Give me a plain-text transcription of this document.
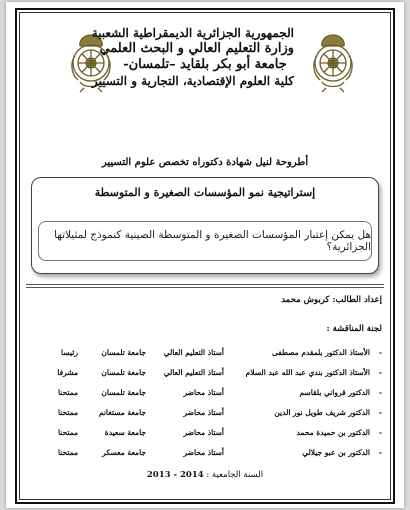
الجمهورية الجزائرية الديمقراطية الشعبية
وزارة التعليم العالي و البحث العلمي
جامعة أبو بكر بلقايد –تلمسان-
كلية العلوم الإقتصادية، التجارية و التسيير
أطروحة لنيل شهادة دكتوراه تخصص علوم التسيير
إستراتيجية نمو المؤسسات الصغيرة و المتوسطة
هل يمكن إعتبار المؤسسات الصغيرة و المتوسطة الصينية كنموذج لمثيلاتها الجزائرية؟
إعداد الطالب: كربوش محمد
لجنة المناقشة :
-
الأستاذ الدكتور بلمقدم مصطفى
أستاذ التعليم العالي
جامعة تلمسان
رئيسا
-
الأستاذ الدكتور بندي عبد الله عبد السلام
أستاذ التعليم العالي
جامعة تلمسان
مشرفا
-
الدكتور قرواني بلقاسم
أستاذ محاضر
جامعة تلمسان
ممتحنا
-
الدكتور شريف طويل نور الدين
أستاذ محاضر
جامعة مستغانم
ممتحنا
-
الدكتور بن حميدة محمد
أستاذ محاضر
جامعة سعيدة
ممتحنا
-
الدكتور بن عبو جيلالي
أستاذ محاضر
جامعة معسكر
ممتحنا
السنة الجامعية : 2013 - 2014
